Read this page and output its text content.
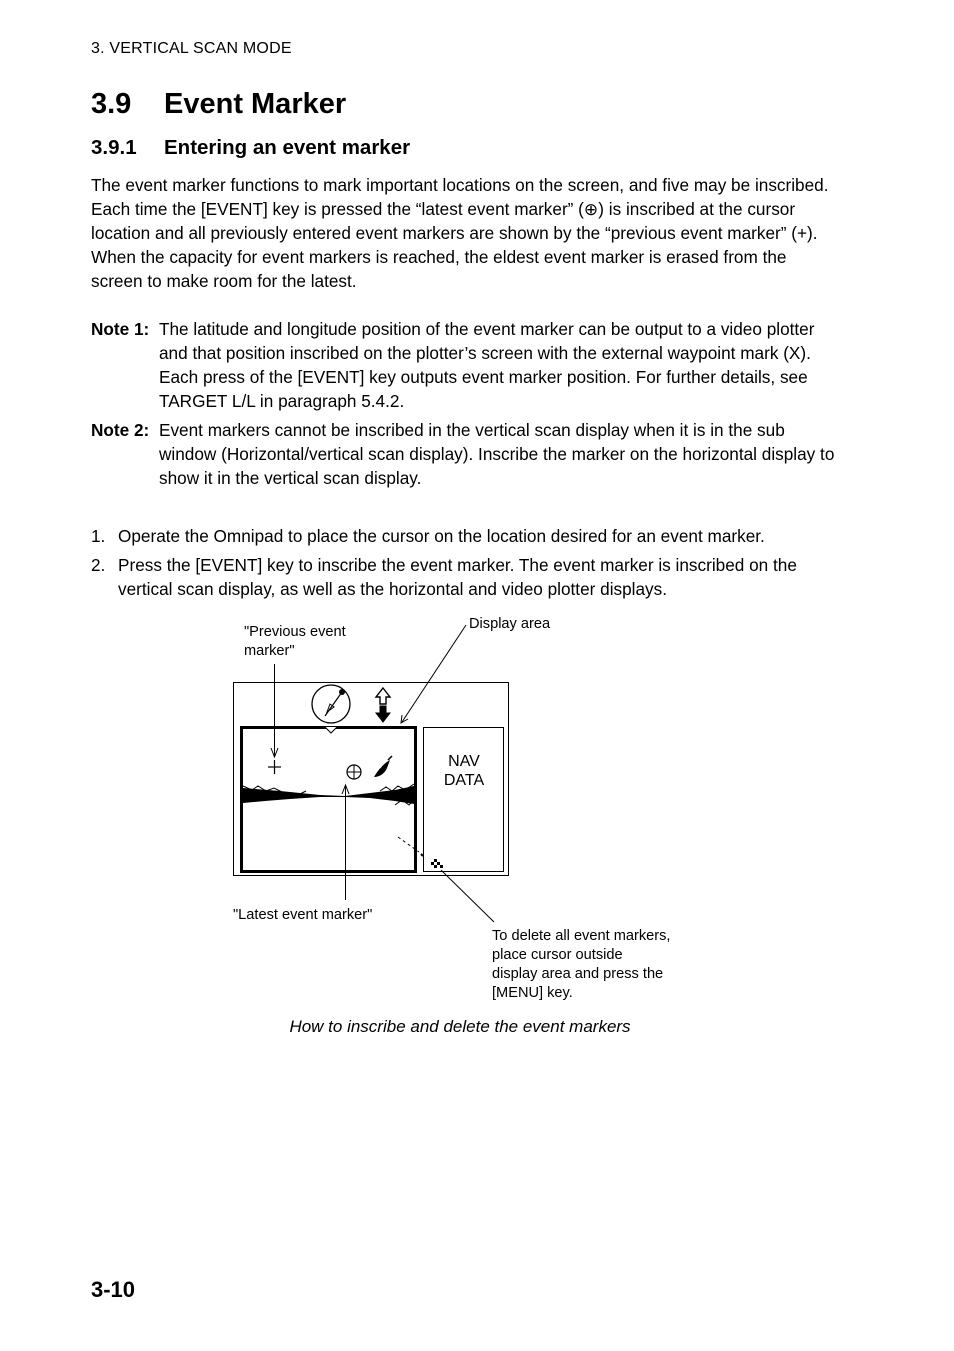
3. VERTICAL SCAN MODE
3.9 Event Marker
3.9.1 Entering an event marker

The event marker functions to mark important locations on the screen, and five may be inscribed. Each time the [EVENT] key is pressed the “latest event marker” (⊕) is inscribed at the cursor location and all previously entered event markers are shown by the “previous event marker” (+). When the capacity for event markers is reached, the eldest event marker is erased from the screen to make room for the latest.

Note 1: The latitude and longitude position of the event marker can be output to a video plotter and that position inscribed on the plotter’s screen with the external waypoint mark (X). Each press of the [EVENT] key outputs event marker position. For further details, see TARGET L/L in paragraph 5.4.2.
Note 2: Event markers cannot be inscribed in the vertical scan display when it is in the sub window (Horizontal/vertical scan display). Inscribe the marker on the horizontal display to show it in the vertical scan display.
1. Operate the Omnipad to place the cursor on the location desired for an event marker.
2. Press the [EVENT] key to inscribe the event marker. The event marker is inscribed on the vertical scan display, as well as the horizontal and video plotter displays.
"Previous event
marker"
Display area
NAV
DATA
"Latest event marker"
To delete all event markers,
place cursor outside
display area and press the
[MENU] key.
How to inscribe and delete the event markers
3-10
